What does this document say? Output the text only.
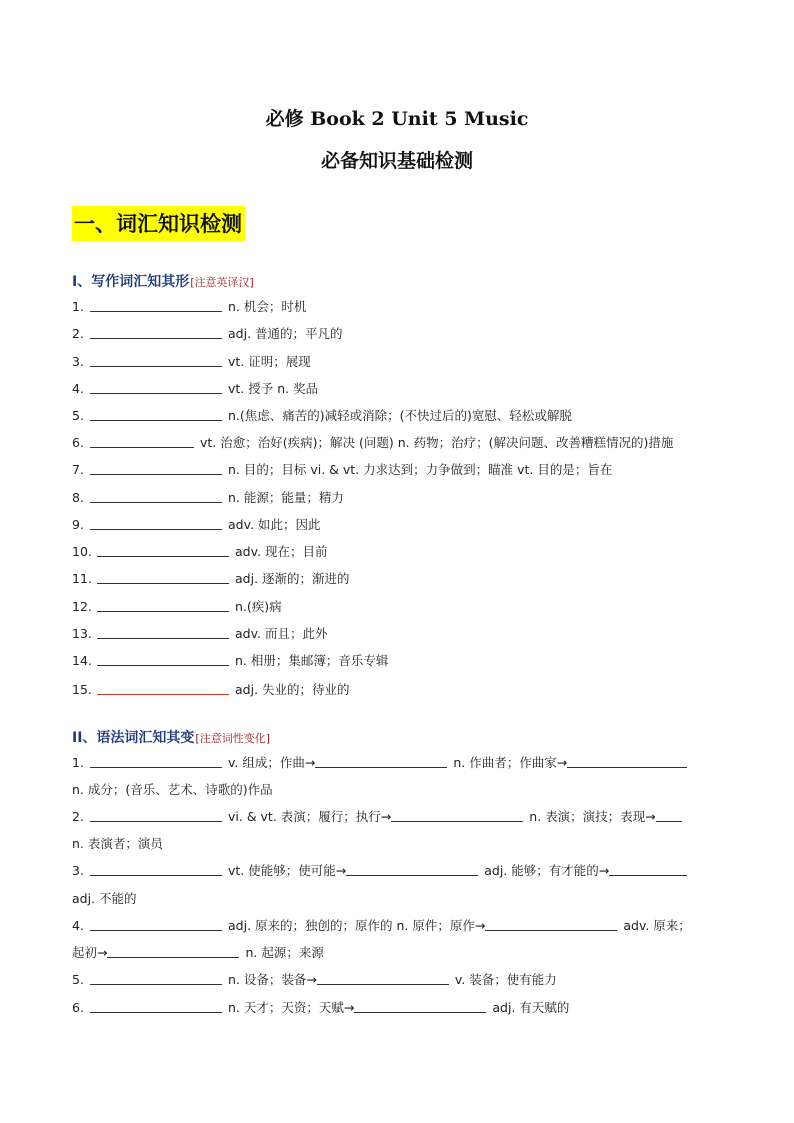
必修 Book 2 Unit 5 Music
必备知识基础检测
一、词汇知识检测
I、写作词汇知其形[注意英译汉]
1.	n. 机会；时机
2.	adj. 普通的；平凡的
3.	vt. 证明；展现
4.	vt. 授予 n. 奖品
5.	n.(焦虑、痛苦的)减轻或消除；(不快过后的)宽慰、轻松或解脱
6.	vt. 治愈；治好(疾病)；解决 (问题) n. 药物；治疗；(解决问题、改善糟糕情况的)措施
7.	n. 目的；目标 vi. & vt. 力求达到；力争做到；瞄准 vt. 目的是；旨在
8.	n. 能源；能量；精力
9.	adv. 如此；因此
10.	adv. 现在；目前
11.	adj. 逐渐的；渐进的
12.	n.(疾)病
13.	adv. 而且；此外
14.	n. 相册；集邮簿；音乐专辑
15.	adj. 失业的；待业的
II、语法词汇知其变[注意词性变化]
1.	v. 组成；作曲→	n. 作曲者；作曲家→
n. 成分；(音乐、艺术、诗歌的)作品
2.	vi. & vt. 表演；履行；执行→	n. 表演；演技；表现→
n. 表演者；演员
3.	vt. 使能够；使可能→	adj. 能够；有才能的→
adj. 不能的
4.	adj. 原来的；独创的；原作的 n. 原件；原作→	adv. 原来；
起初→	n. 起源；来源
5.	n. 设备；装备→	v. 装备；使有能力
6.	n. 天才；天资；天赋→	adj. 有天赋的
